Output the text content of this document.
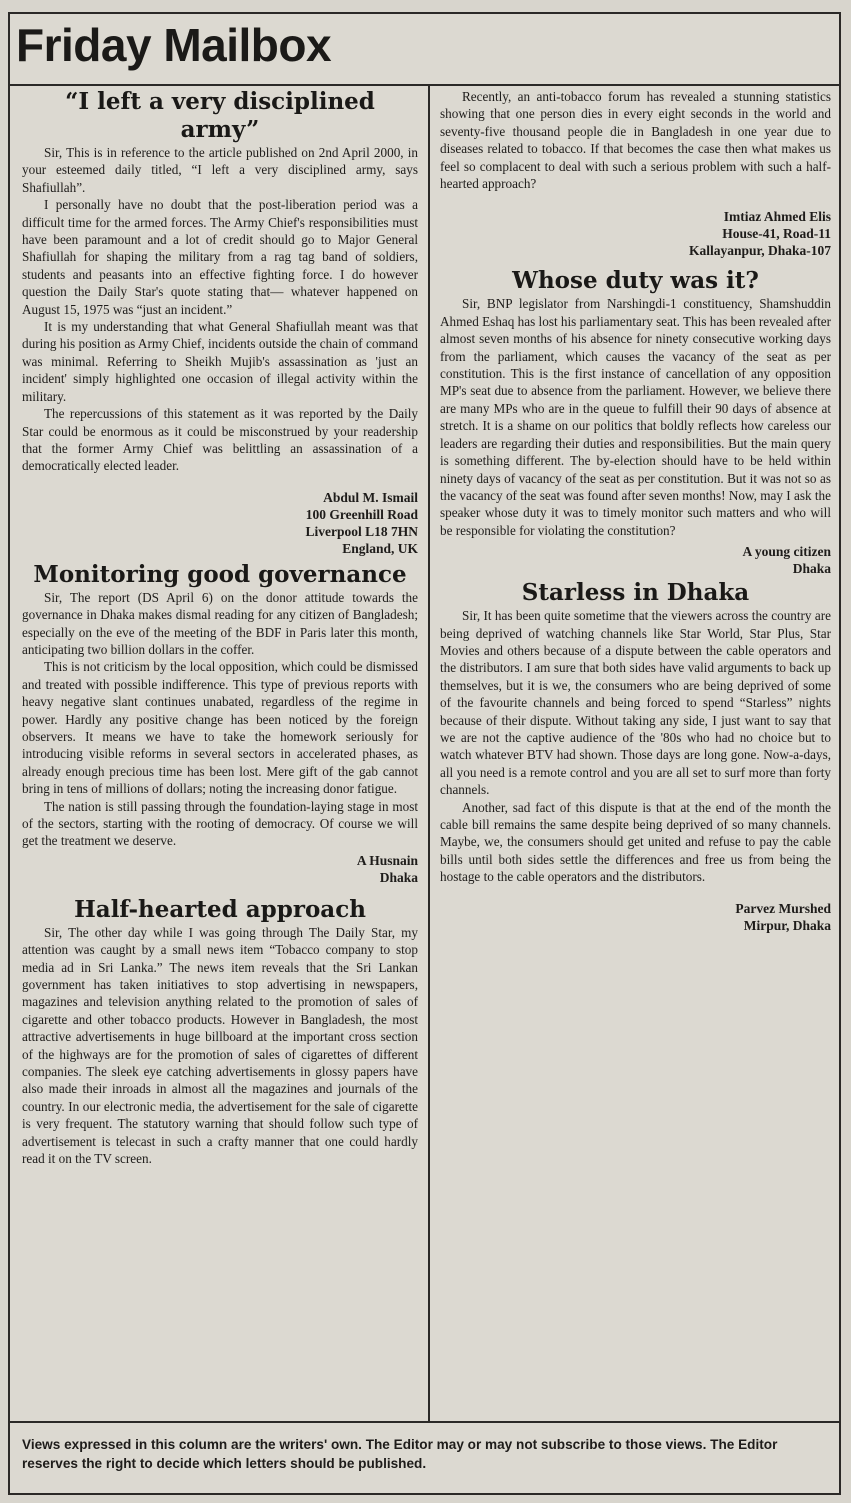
Friday Mailbox
“I left a very disciplined army”

Sir, This is in reference to the article published on 2nd April 2000, in your esteemed daily titled, “I left a very disciplined army, says Shafiullah”.

I personally have no doubt that the post-liberation period was a difficult time for the armed forces. The Army Chief's responsibilities must have been paramount and a lot of credit should go to Major General Shafiullah for shaping the military from a rag tag band of soldiers, students and peasants into an effective fighting force. I do however question the Daily Star's quote stating that— whatever happened on August 15, 1975 was “just an incident.”

It is my understanding that what General Shafiullah meant was that during his position as Army Chief, incidents outside the chain of command was minimal. Referring to Sheikh Mujib's assassination as 'just an incident' simply highlighted one occasion of illegal activity within the military.

The repercussions of this statement as it was reported by the Daily Star could be enormous as it could be misconstrued by your readership that the former Army Chief was belittling an assassination of a democratically elected leader.

Abdul M. Ismail
100 Greenhill Road
Liverpool L18 7HN
England, UK
Monitoring good governance

Sir, The report (DS April 6) on the donor attitude towards the governance in Dhaka makes dismal reading for any citizen of Bangladesh; especially on the eve of the meeting of the BDF in Paris later this month, anticipating two billion dollars in the coffer.

This is not criticism by the local opposition, which could be dismissed and treated with possible indifference. This type of previous reports with heavy negative slant continues unabated, regardless of the regime in power. Hardly any positive change has been noticed by the foreign observers. It means we have to take the homework seriously for introducing visible reforms in several sectors in accelerated phases, as already enough precious time has been lost. Mere gift of the gab cannot bring in tens of millions of dollars; noting the increasing donor fatigue.

The nation is still passing through the foundation-laying stage in most of the sectors, starting with the rooting of democracy. Of course we will get the treatment we deserve.

A Husnain
Dhaka
Half-hearted approach

Sir, The other day while I was going through The Daily Star, my attention was caught by a small news item “Tobacco company to stop media ad in Sri Lanka.” The news item reveals that the Sri Lankan government has taken initiatives to stop advertising in newspapers, magazines and television anything related to the promotion of sales of cigarette and other tobacco products. However in Bangladesh, the most attractive advertisements in huge billboard at the important cross section of the highways are for the promotion of sales of cigarettes of different companies. The sleek eye catching advertisements in glossy papers have also made their inroads in almost all the magazines and journals of the country. In our electronic media, the advertisement for the sale of cigarette is very frequent. The statutory warning that should follow such type of advertisement is telecast in such a crafty manner that one could hardly read it on the TV screen.

Recently, an anti-tobacco forum has revealed a stunning statistics showing that one person dies in every eight seconds in the world and seventy-five thousand people die in Bangladesh in one year due to diseases related to tobacco. If that becomes the case then what makes us feel so complacent to deal with such a serious problem with such a half-hearted approach?

Imtiaz Ahmed Elis
House-41, Road-11
Kallayanpur, Dhaka-107
Whose duty was it?

Sir, BNP legislator from Narshingdi-1 constituency, Shamshuddin Ahmed Eshaq has lost his parliamentary seat. This has been revealed after almost seven months of his absence for ninety consecutive working days from the parliament, which causes the vacancy of the seat as per constitution. This is the first instance of cancellation of any opposition MP's seat due to absence from the parliament. However, we believe there are many MPs who are in the queue to fulfill their 90 days of absence at stretch. It is a shame on our politics that boldly reflects how careless our leaders are regarding their duties and responsibilities. But the main query is something different. The by-election should have to be held within ninety days of vacancy of the seat as per constitution. But it was not so as the vacancy of the seat was found after seven months! Now, may I ask the speaker whose duty it was to timely monitor such matters and who will be responsible for violating the constitution?

A young citizen
Dhaka
Starless in Dhaka

Sir, It has been quite sometime that the viewers across the country are being deprived of watching channels like Star World, Star Plus, Star Movies and others because of a dispute between the cable operators and the distributors. I am sure that both sides have valid arguments to back up themselves, but it is we, the consumers who are being deprived of some of the favourite channels and being forced to spend “Starless” nights because of their dispute. Without taking any side, I just want to say that we are not the captive audience of the '80s who had no choice but to watch whatever BTV had shown. Those days are long gone. Now-a-days, all you need is a remote control and you are all set to surf more than forty channels.

Another, sad fact of this dispute is that at the end of the month the cable bill remains the same despite being deprived of so many channels. Maybe, we, the consumers should get united and refuse to pay the cable bills until both sides settle the differences and free us from being the hostage to the cable operators and the distributors.

Parvez Murshed
Mirpur, Dhaka
Views expressed in this column are the writers' own. The Editor may or may not subscribe to those views. The Editor reserves the right to decide which letters should be published.
